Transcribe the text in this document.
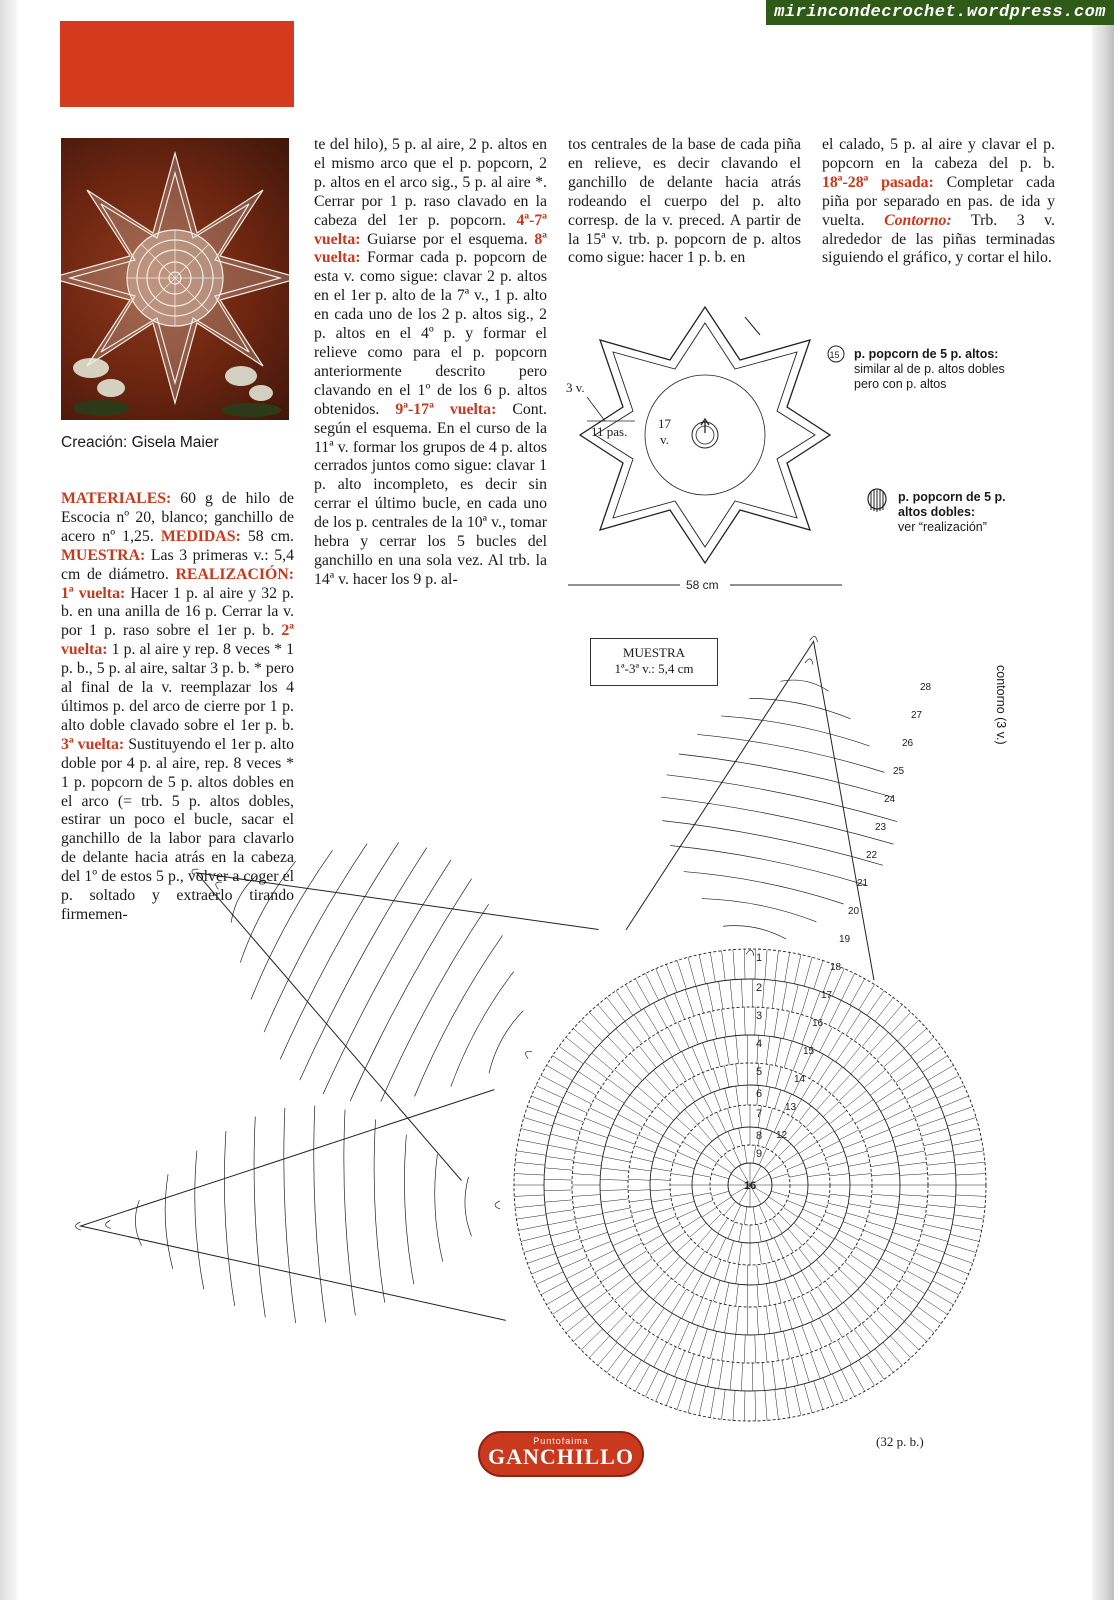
mirincondecrochet.wordpress.com
Creación: Gisela Maier

MATERIALES: 60 g de hilo de Escocia nº 20, blanco; ganchillo de acero nº 1,25. MEDIDAS: 58 cm. MUESTRA: Las 3 primeras v.: 5,4 cm de diámetro. REALIZACIÓN: 1ª vuelta: Hacer 1 p. al aire y 32 p. b. en una anilla de 16 p. Cerrar la v. por 1 p. raso sobre el 1er p. b. 2ª vuelta: 1 p. al aire y rep. 8 veces * 1 p. b., 5 p. al aire, saltar 3 p. b. * pero al final de la v. reemplazar los 4 últimos p. del arco de cierre por 1 p. alto doble clavado sobre el 1er p. b. 3ª vuelta: Sustituyendo el 1er p. alto doble por 4 p. al aire, rep. 8 veces * 1 p. popcorn de 5 p. altos dobles en el arco (= trb. 5 p. altos dobles, estirar un poco el bucle, sacar el ganchillo de la labor para clavarlo de delante hacia atrás en la cabeza del 1º de estos 5 p., volver a coger el p. soltado y extraerlo tirando firmemen-

te del hilo), 5 p. al aire, 2 p. altos en el mismo arco que el p. popcorn, 2 p. altos en el arco sig., 5 p. al aire *. Cerrar por 1 p. raso clavado en la cabeza del 1er p. popcorn. 4ª-7ª vuelta: Guiarse por el esquema. 8ª vuelta: Formar cada p. popcorn de esta v. como sigue: clavar 2 p. altos en el 1er p. alto de la 7ª v., 1 p. alto en cada uno de los 2 p. altos sig., 2 p. altos en el 4º p. y formar el relieve como para el p. popcorn anteriormente descrito pero clavando en el 1º de los 6 p. altos obtenidos. 9ª-17ª vuelta: Cont. según el esquema. En el curso de la 11ª v. formar los grupos de 4 p. altos cerrados juntos como sigue: clavar 1 p. alto incompleto, es decir sin cerrar el último bucle, en cada uno de los p. centrales de la 10ª v., tomar hebra y cerrar los 5 bucles del ganchillo en una sola vez. Al trb. la 14ª v. hacer los 9 p. al-

tos centrales de la base de cada piña en relieve, es decir clavando el ganchillo de delante hacia atrás rodeando el cuerpo del p. alto corresp. de la v. preced. A partir de la 15ª v. trb. p. popcorn de p. altos como sigue: hacer 1 p. b. en

el calado, 5 p. al aire y clavar el p. popcorn en la cabeza del p. b. 18ª-28ª pasada: Completar cada piña por separado en pas. de ida y vuelta. Contorno: Trb. 3 v. alrededor de las piñas terminadas siguiendo el gráfico, y cortar el hilo.

3 v.
11 pas.
17
v.
58 cm
15 p. popcorn de 5 p. altos:
similar al de p. altos dobles
pero con p. altos
p. popcorn de 5 p.
altos dobles:
ver “realización”
MUESTRA
1ª-3ª v.: 5,4 cm
16
9
8
7
6
5
4
3
2
1
28
27
26
25
24
23
22
21
20
19
18
17
16
15
14
13
12
contorno (3 v.)
(32 p. b.)
Puntofaima
GANCHILLO
